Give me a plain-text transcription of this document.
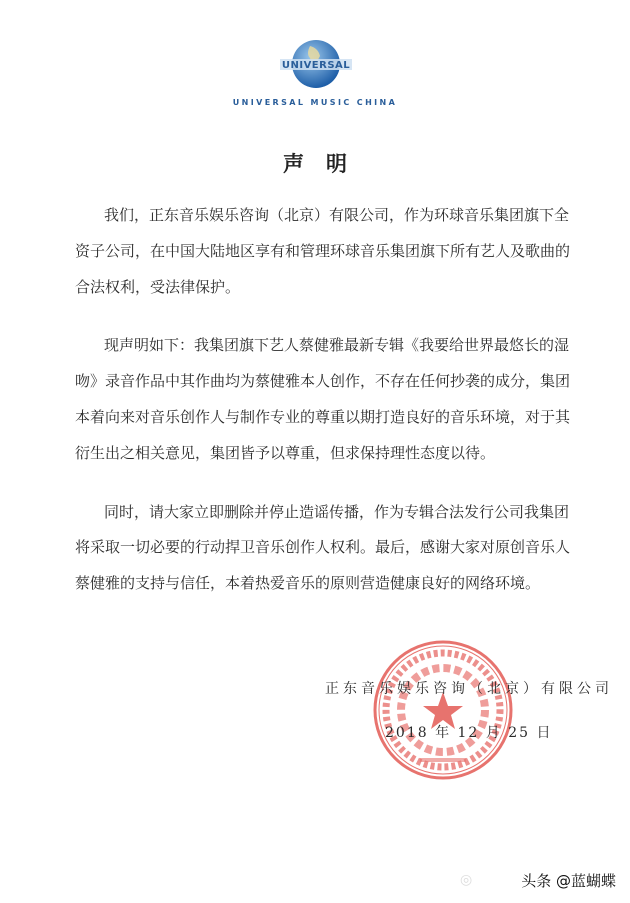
UNIVERSAL
UNIVERSAL MUSIC CHINA
声明
我们，正东音乐娱乐咨询（北京）有限公司，作为环球音乐集团旗下全
资子公司，在中国大陆地区享有和管理环球音乐集团旗下所有艺人及歌曲的
合法权利，受法律保护。
现声明如下：我集团旗下艺人蔡健雅最新专辑《我要给世界最悠长的湿
吻》录音作品中其作曲均为蔡健雅本人创作，不存在任何抄袭的成分，集团
本着向来对音乐创作人与制作专业的尊重以期打造良好的音乐环境，对于其
衍生出之相关意见，集团皆予以尊重，但求保持理性态度以待。
同时，请大家立即删除并停止造谣传播，作为专辑合法发行公司我集团
将采取一切必要的行动捍卫音乐创作人权利。最后，感谢大家对原创音乐人
蔡健雅的支持与信任，本着热爱音乐的原则营造健康良好的网络环境。
正东音乐娱乐咨询（北京）有限公司
2018 年 12 月 25 日
◎	头条 @蓝蝴蝶
